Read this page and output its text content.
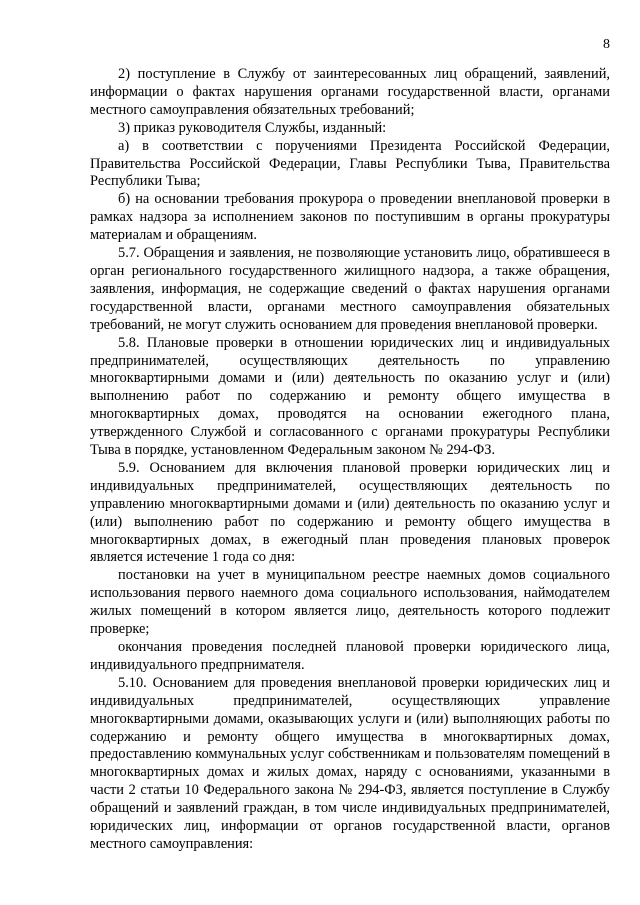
8

2) поступление в Службу от заинтересованных лиц обращений, заявлений, информации о фактах нарушения органами государственной власти, органами местного самоуправления обязательных требований;

3) приказ руководителя Службы, изданный:

а) в соответствии с поручениями Президента Российской Федерации, Правительства Российской Федерации, Главы Республики Тыва, Правительства Республики Тыва;

б) на основании требования прокурора о проведении внеплановой проверки в рамках надзора за исполнением законов по поступившим в органы прокуратуры материалам и обращениям.

5.7. Обращения и заявления, не позволяющие установить лицо, обратившееся в орган регионального государственного жилищного надзора, а также обращения, заявления, информация, не содержащие сведений о фактах нарушения органами государственной власти, органами местного самоуправления обязательных требований, не могут служить основанием для проведения внеплановой проверки.

5.8. Плановые проверки в отношении юридических лиц и индивидуальных предпринимателей, осуществляющих деятельность по управлению многоквартирными домами и (или) деятельность по оказанию услуг и (или) выполнению работ по содержанию и ремонту общего имущества в многоквартирных домах, проводятся на основании ежегодного плана, утвержденного Службой и согласованного с органами прокуратуры Республики Тыва в порядке, установленном Федеральным законом № 294-ФЗ.

5.9. Основанием для включения плановой проверки юридических лиц и индивидуальных предпринимателей, осуществляющих деятельность по управлению многоквартирными домами и (или) деятельность по оказанию услуг и (или) выполнению работ по содержанию и ремонту общего имущества в многоквартирных домах, в ежегодный план проведения плановых проверок является истечение 1 года со дня:

постановки на учет в муниципальном реестре наемных домов социального использования первого наемного дома социального использования, наймодателем жилых помещений в котором является лицо, деятельность которого подлежит проверке;

окончания проведения последней плановой проверки юридического лица, индивидуального предпрнимателя.

5.10. Основанием для проведения внеплановой проверки юридических лиц и индивидуальных предпринимателей, осуществляющих управление многоквартирными домами, оказывающих услуги и (или) выполняющих работы по содержанию и ремонту общего имущества в многоквартирных домах, предоставлению коммунальных услуг собственникам и пользователям помещений в многоквартирных домах и жилых домах, наряду с основаниями, указанными в части 2 статьи 10 Федерального закона № 294-ФЗ, является поступление в Службу обращений и заявлений граждан, в том числе индивидуальных предпринимателей, юридических лиц, информации от органов государственной власти, органов местного самоуправления:
